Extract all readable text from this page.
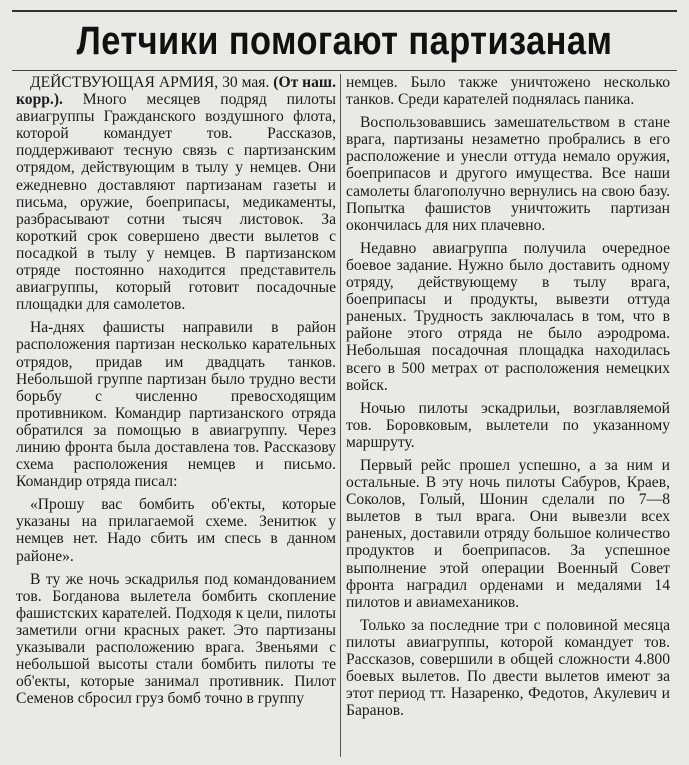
Летчики помогают партизанам

ДЕЙСТВУЮЩАЯ АРМИЯ, 30 мая. (От наш. корр.). Много месяцев подряд пилоты авиагруппы Гражданского воздушного флота, которой командует тов. Рассказов, поддерживают тесную связь с партизанским отрядом, действующим в тылу у немцев. Они ежедневно доставляют партизанам газеты и письма, оружие, боеприпасы, медикаменты, разбрасывают сотни тысяч листовок. За короткий срок совершено двести вылетов с посадкой в тылу у немцев. В партизанском отряде постоянно находится представитель авиагруппы, который готовит посадочные площадки для самолетов.

На-днях фашисты направили в район расположения партизан несколько карательных отрядов, придав им двадцать танков. Небольшой группе партизан было трудно вести борьбу с численно превосходящим противником. Командир партизанского отряда обратился за помощью в авиагруппу. Через линию фронта была доставлена тов. Рассказову схема расположения немцев и письмо. Командир отряда писал:

«Прошу вас бомбить об'екты, которые указаны на прилагаемой схеме. Зенитюк у немцев нет. Надо сбить им спесь в данном районе».

В ту же ночь эскадрилья под командованием тов. Богданова вылетела бомбить скопление фашистских карателей. Подходя к цели, пилоты заметили огни красных ракет. Это партизаны указывали расположению врага. Звеньями с небольшой высоты стали бомбить пилоты те об'екты, которые занимал противник. Пилот Семенов сбросил груз бомб точно в группу

немцев. Было также уничтожено несколько танков. Среди карателей поднялась паника.

Воспользовавшись замешательством в стане врага, партизаны незаметно пробрались в его расположение и унесли оттуда немало оружия, боеприпасов и другого имущества. Все наши самолеты благополучно вернулись на свою базу. Попытка фашистов уничтожить партизан окончилась для них плачевно.

Недавно авиагруппа получила очередное боевое задание. Нужно было доставить одному отряду, действующему в тылу врага, боеприпасы и продукты, вывезти оттуда раненых. Трудность заключалась в том, что в районе этого отряда не было аэродрома. Небольшая посадочная площадка находилась всего в 500 метрах от расположения немецких войск.

Ночью пилоты эскадрильи, возглавляемой тов. Боровковым, вылетели по указанному маршруту.

Первый рейс прошел успешно, а за ним и остальные. В эту ночь пилоты Сабуров, Краев, Соколов, Голый, Шонин сделали по 7—8 вылетов в тыл врага. Они вывезли всех раненых, доставили отряду большое количество продуктов и боеприпасов. За успешное выполнение этой операции Военный Совет фронта наградил орденами и медалями 14 пилотов и авиамехаников.

Только за последние три с половиной месяца пилоты авиагруппы, которой командует тов. Рассказов, совершили в общей сложности 4.800 боевых вылетов. По двести вылетов имеют за этот период тт. Назаренко, Федотов, Акулевич и Баранов.
